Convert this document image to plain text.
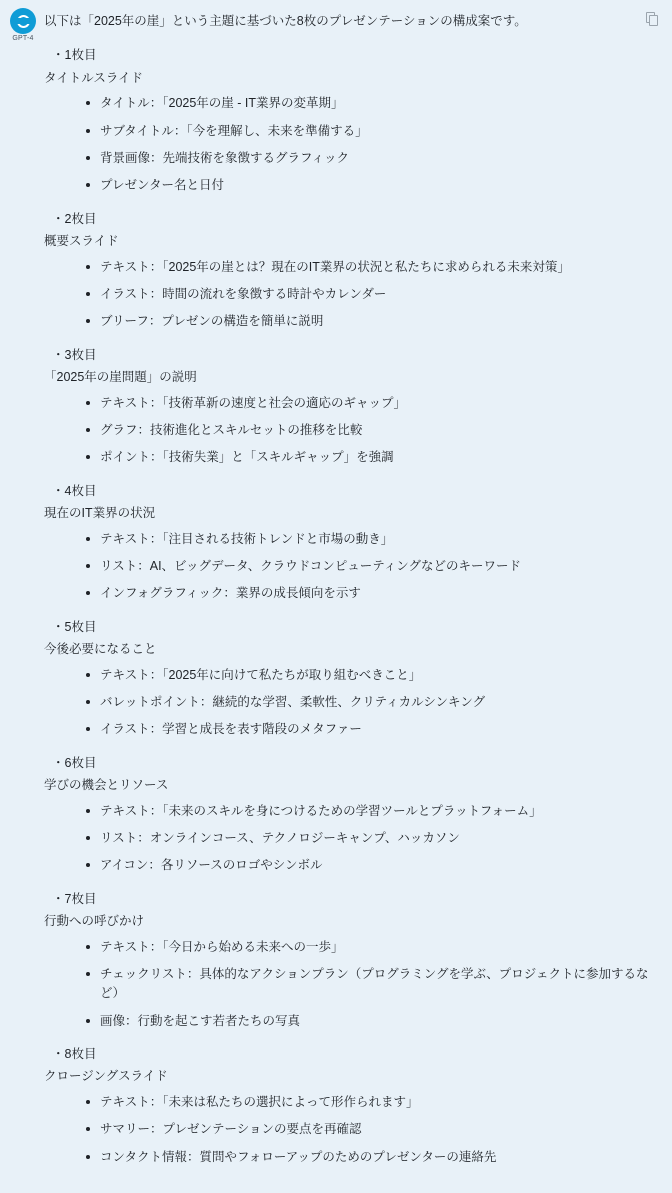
GPT-4

以下は「2025年の崖」という主題に基づいた8枚のプレゼンテーションの構成案です。

・1枚目
タイトルスライド
タイトル：「2025年の崖 - IT業界の変革期」
サブタイトル：「今を理解し、未来を準備する」
背景画像：先端技術を象徴するグラフィック
プレゼンター名と日付
・2枚目
概要スライド
テキスト：「2025年の崖とは？現在のIT業界の状況と私たちに求められる未来対策」
イラスト：時間の流れを象徴する時計やカレンダー
ブリーフ：プレゼンの構造を簡単に説明
・3枚目
「2025年の崖問題」の説明
テキスト：「技術革新の速度と社会の適応のギャップ」
グラフ：技術進化とスキルセットの推移を比較
ポイント：「技術失業」と「スキルギャップ」を強調
・4枚目
現在のIT業界の状況
テキスト：「注目される技術トレンドと市場の動き」
リスト：AI、ビッグデータ、クラウドコンピューティングなどのキーワード
インフォグラフィック：業界の成長傾向を示す
・5枚目
今後必要になること
テキスト：「2025年に向けて私たちが取り組むべきこと」
バレットポイント：継続的な学習、柔軟性、クリティカルシンキング
イラスト：学習と成長を表す階段のメタファー
・6枚目
学びの機会とリソース
テキスト：「未来のスキルを身につけるための学習ツールとプラットフォーム」
リスト：オンラインコース、テクノロジーキャンプ、ハッカソン
アイコン：各リソースのロゴやシンボル
・7枚目
行動への呼びかけ
テキスト：「今日から始める未来への一歩」
チェックリスト：具体的なアクションプラン（プログラミングを学ぶ、プロジェクトに参加するなど）
画像：行動を起こす若者たちの写真
・8枚目
クロージングスライド
テキスト：「未来は私たちの選択によって形作られます」
サマリー：プレゼンテーションの要点を再確認
コンタクト情報：質問やフォローアップのためのプレゼンターの連絡先
